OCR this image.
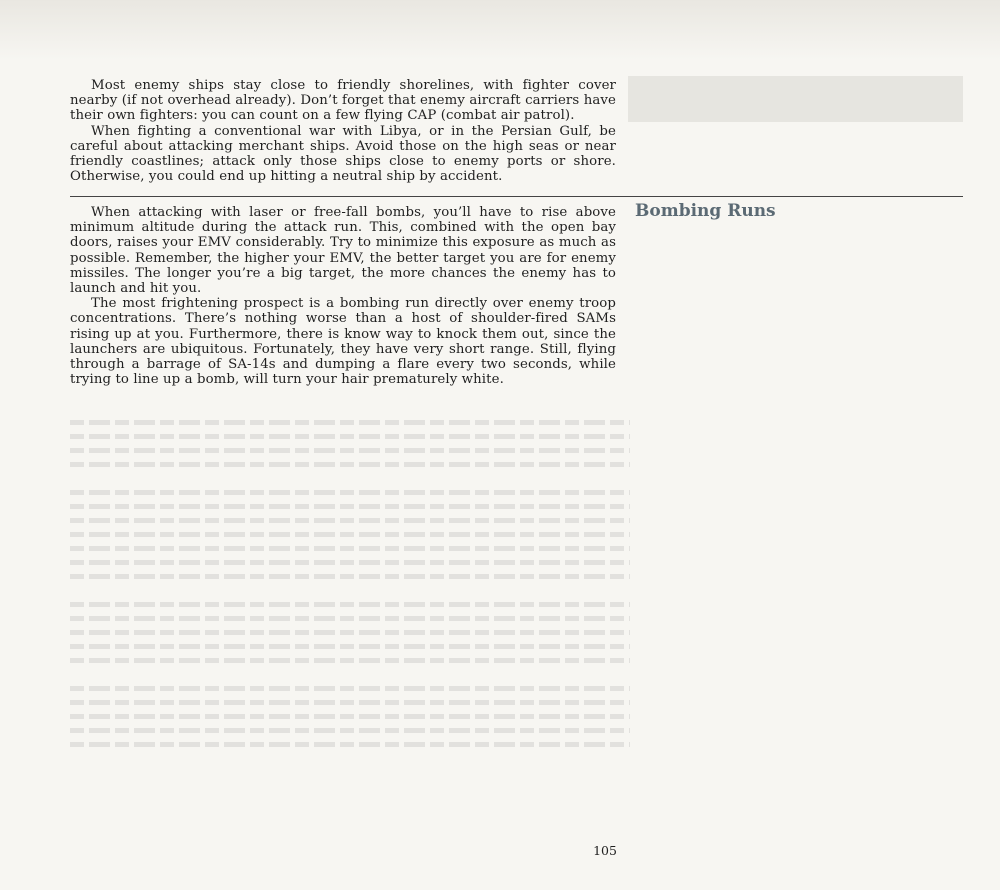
Most enemy ships stay close to friendly shorelines, with fighter cover nearby (if not overhead already). Don’t forget that enemy aircraft carriers have their own fighters: you can count on a few flying CAP (combat air patrol).

When fighting a conventional war with Libya, or in the Persian Gulf, be careful about attacking merchant ships. Avoid those on the high seas or near friendly coastlines; attack only those ships close to enemy ports or shore. Otherwise, you could end up hitting a neutral ship by accident.

Bombing Runs

When attacking with laser or free-fall bombs, you’ll have to rise above minimum altitude during the attack run. This, combined with the open bay doors, raises your EMV considerably. Try to minimize this exposure as much as possible. Remember, the higher your EMV, the better target you are for enemy missiles. The longer you’re a big target, the more chances the enemy has to launch and hit you.

The most frightening prospect is a bombing run directly over enemy troop concentrations. There’s nothing worse than a host of shoulder-fired SAMs rising up at you. Furthermore, there is know way to knock them out, since the launchers are ubiquitous. Fortunately, they have very short range. Still, flying through a barrage of SA-14s and dumping a flare every two seconds, while trying to line up a bomb, will turn your hair prematurely white.

105
